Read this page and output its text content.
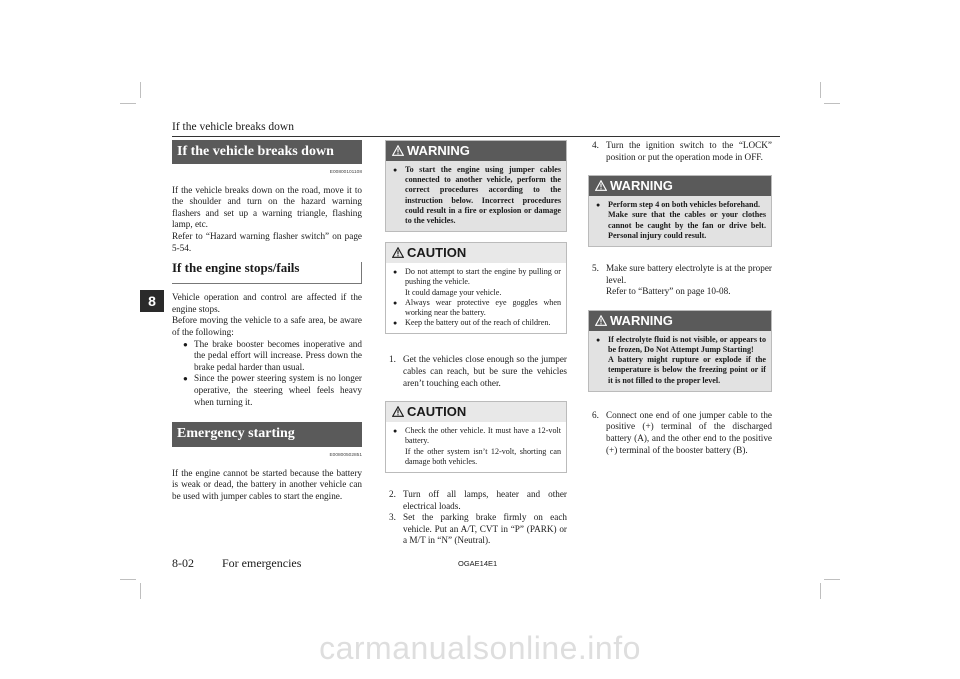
If the vehicle breaks down
8
If the vehicle breaks down
E00800101108

If the vehicle breaks down on the road, move it to the shoulder and turn on the hazard warning flashers and set up a warning triangle, flashing lamp, etc.

Refer to “Hazard warning flasher switch” on page 5-54.

If the engine stops/fails

Vehicle operation and control are affected if the engine stops.

Before moving the vehicle to a safe area, be aware of the following:

● The brake booster becomes inoperative and the pedal effort will increase. Press down the brake pedal harder than usual.
● Since the power steering system is no longer operative, the steering wheel feels heavy when turning it.
Emergency starting
E00800502851

If the engine cannot be started because the battery is weak or dead, the battery in another vehicle can be used with jumper cables to start the engine.

WARNING
● To start the engine using jumper cables connected to another vehicle, perform the correct procedures according to the instruction below. Incorrect procedures could result in a fire or explosion or damage to the vehicles.
CAUTION
● Do not attempt to start the engine by pulling or pushing the vehicle.
It could damage your vehicle.
● Always wear protective eye goggles when working near the battery.
● Keep the battery out of the reach of children.
1. Get the vehicles close enough so the jumper cables can reach, but be sure the vehicles aren’t touching each other.
CAUTION
● Check the other vehicle. It must have a 12-volt battery.
If the other system isn’t 12-volt, shorting can damage both vehicles.
2. Turn off all lamps, heater and other electrical loads.
3. Set the parking brake firmly on each vehicle. Put an A/T, CVT in “P” (PARK) or a M/T in “N” (Neutral).
4. Turn the ignition switch to the “LOCK” position or put the operation mode in OFF.
WARNING
● Perform step 4 on both vehicles beforehand.
Make sure that the cables or your clothes cannot be caught by the fan or drive belt. Personal injury could result.
5. Make sure battery electrolyte is at the proper level.
Refer to “Battery” on page 10-08.
WARNING
● If electrolyte fluid is not visible, or appears to be frozen, Do Not Attempt Jump Starting!
A battery might rupture or explode if the temperature is below the freezing point or if it is not filled to the proper level.
6. Connect one end of one jumper cable to the positive (+) terminal of the discharged battery (A), and the other end to the positive (+) terminal of the booster battery (B).
8-02 For emergencies	OGAE14E1
carmanualsonline.info
